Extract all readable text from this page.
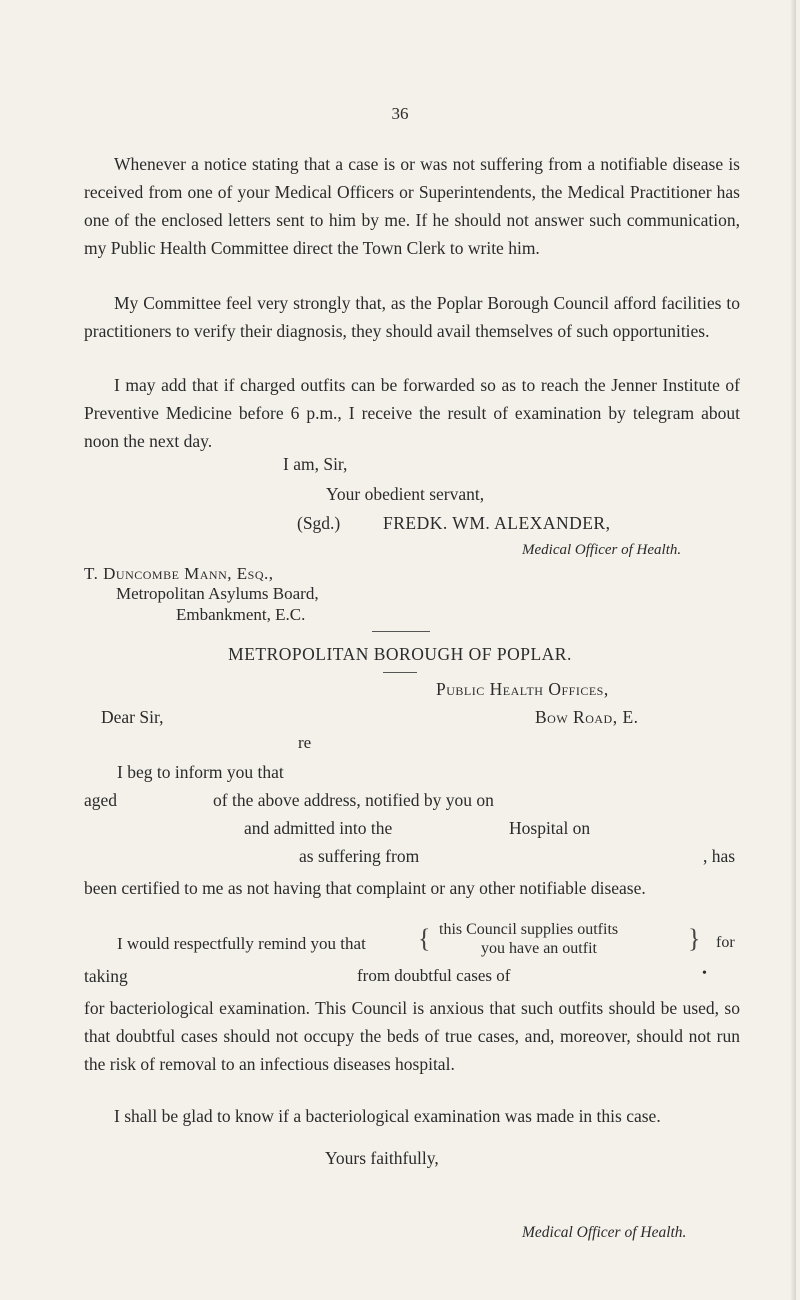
36
Whenever a notice stating that a case is or was not suffering from a notifiable disease is received from one of your Medical Officers or Superintendents, the Medical Practitioner has one of the enclosed letters sent to him by me. If he should not answer such communication, my Public Health Committee direct the Town Clerk to write him.
My Committee feel very strongly that, as the Poplar Borough Council afford facilities to practitioners to verify their diagnosis, they should avail themselves of such opportunities.
I may add that if charged outfits can be forwarded so as to reach the Jenner Institute of Preventive Medicine before 6 p.m., I receive the result of examination by telegram about noon the next day.
I am, Sir,
Your obedient servant,
(Sgd.) FREDK. WM. ALEXANDER,
Medical Officer of Health.
T. Duncombe Mann, Esq.,
Metropolitan Asylums Board,
Embankment, E.C.
METROPOLITAN BOROUGH OF POPLAR.
Public Health Offices,
Dear Sir,	Bow Road, E.
re
I beg to inform you that
aged	of the above address, notified by you on
and admitted into the	Hospital on
as suffering from	, has
been certified to me as not having that complaint or any other notifiable disease.
I would respectfully remind you that { this Council supplies outfits
you have an outfit	} for
taking	from doubtful cases of	•
for bacteriological examination. This Council is anxious that such outfits should be used, so that doubtful cases should not occupy the beds of true cases, and, moreover, should not run the risk of removal to an infectious diseases hospital.
I shall be glad to know if a bacteriological examination was made in this case.
Yours faithfully,
Medical Officer of Health.
